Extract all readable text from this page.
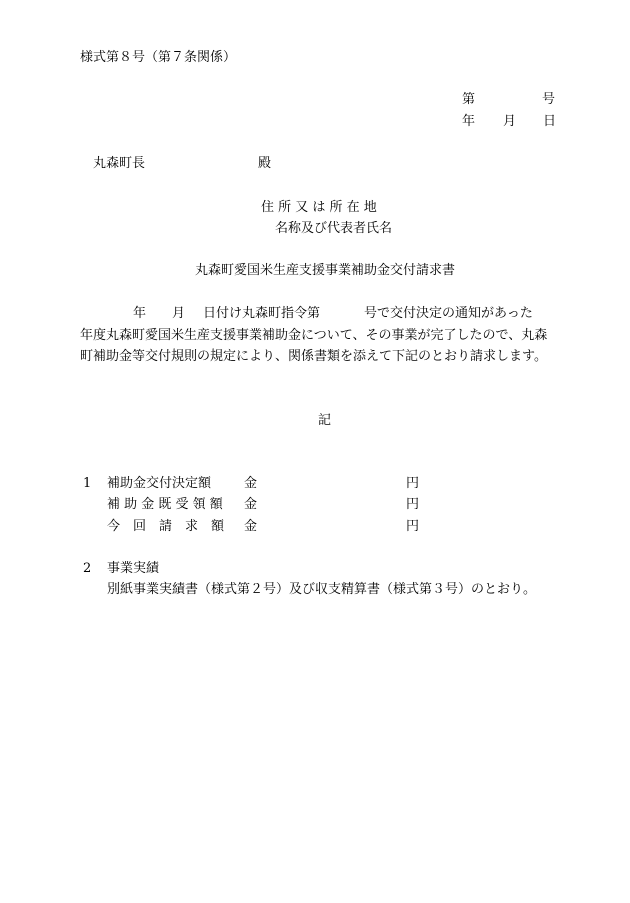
様式第８号（第７条関係）
第	号
年 月 日
丸森町長	殿
住 所 又 は 所 在 地
名称及び代表者氏名
丸森町愛国米生産支援事業補助金交付請求書
年 月 日付け丸森町指令第	号で交付決定の通知があった
年度丸森町愛国米生産支援事業補助金について、その事業が完了したので、丸森
町補助金等交付規則の規定により、関係書類を添えて下記のとおり請求します。
記
1 補助金交付決定額	金	円
補 助 金 既 受 領 額 金	円
今　回　請　求　額 金	円
2 事業実績
別紙事業実績書（様式第２号）及び収支精算書（様式第３号）のとおり。
